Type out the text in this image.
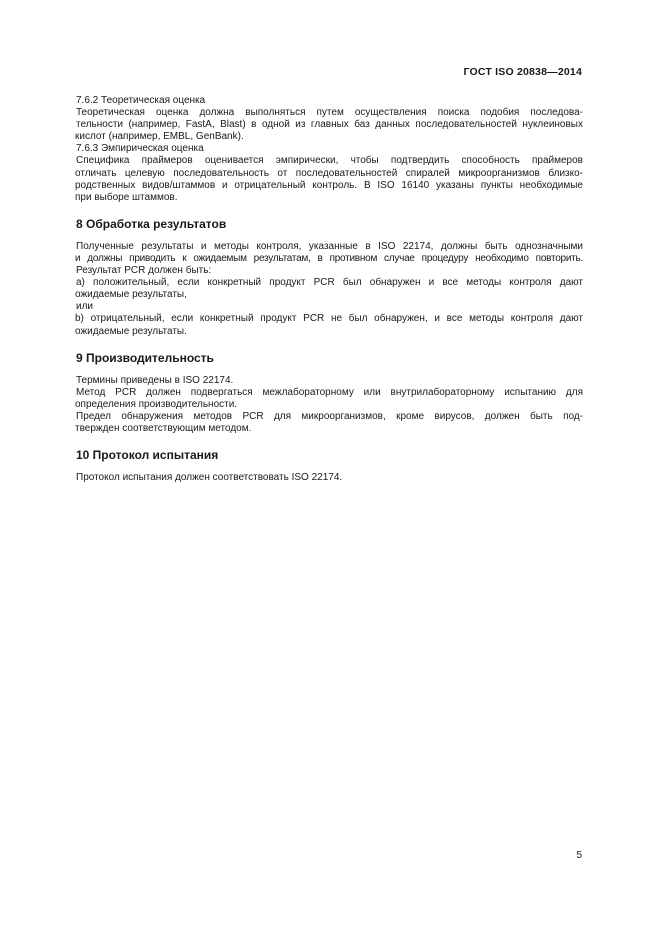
ГОСТ ISO 20838—2014
7.6.2 Теоретическая оценка
Теоретическая оценка должна выполняться путем осуществления поиска подобия последова-
тельности (например, FastA, Blast) в одной из главных баз данных последовательностей нуклеиновых
кислот (например, EMBL, GenBank).
7.6.3 Эмпирическая оценка
Специфика праймеров оценивается эмпирически, чтобы подтвердить способность праймеров
отличать целевую последовательность от последовательностей спиралей микроорганизмов близко-
родственных видов/штаммов и отрицательный контроль. В ISO 16140 указаны пункты необходимые
при выборе штаммов.
8 Обработка результатов
Полученные результаты и методы контроля, указанные в ISO 22174, должны быть однозначными
и должны приводить к ожидаемым результатам, в противном случае процедуру необходимо повторить.
Результат PCR должен быть:
a) положительный, если конкретный продукт PCR был обнаружен и все методы контроля дают
ожидаемые результаты,
или
b) отрицательный, если конкретный продукт PCR не был обнаружен, и все методы контроля дают
ожидаемые результаты.
9 Производительность
Термины приведены в ISO 22174.
Метод PCR должен подвергаться межлабораторному или внутрилабораторному испытанию для
определения производительности.
Предел обнаружения методов PCR для микроорганизмов, кроме вирусов, должен быть под-
твержден соответствующим методом.
10 Протокол испытания
Протокол испытания должен соответствовать ISO 22174.
5
